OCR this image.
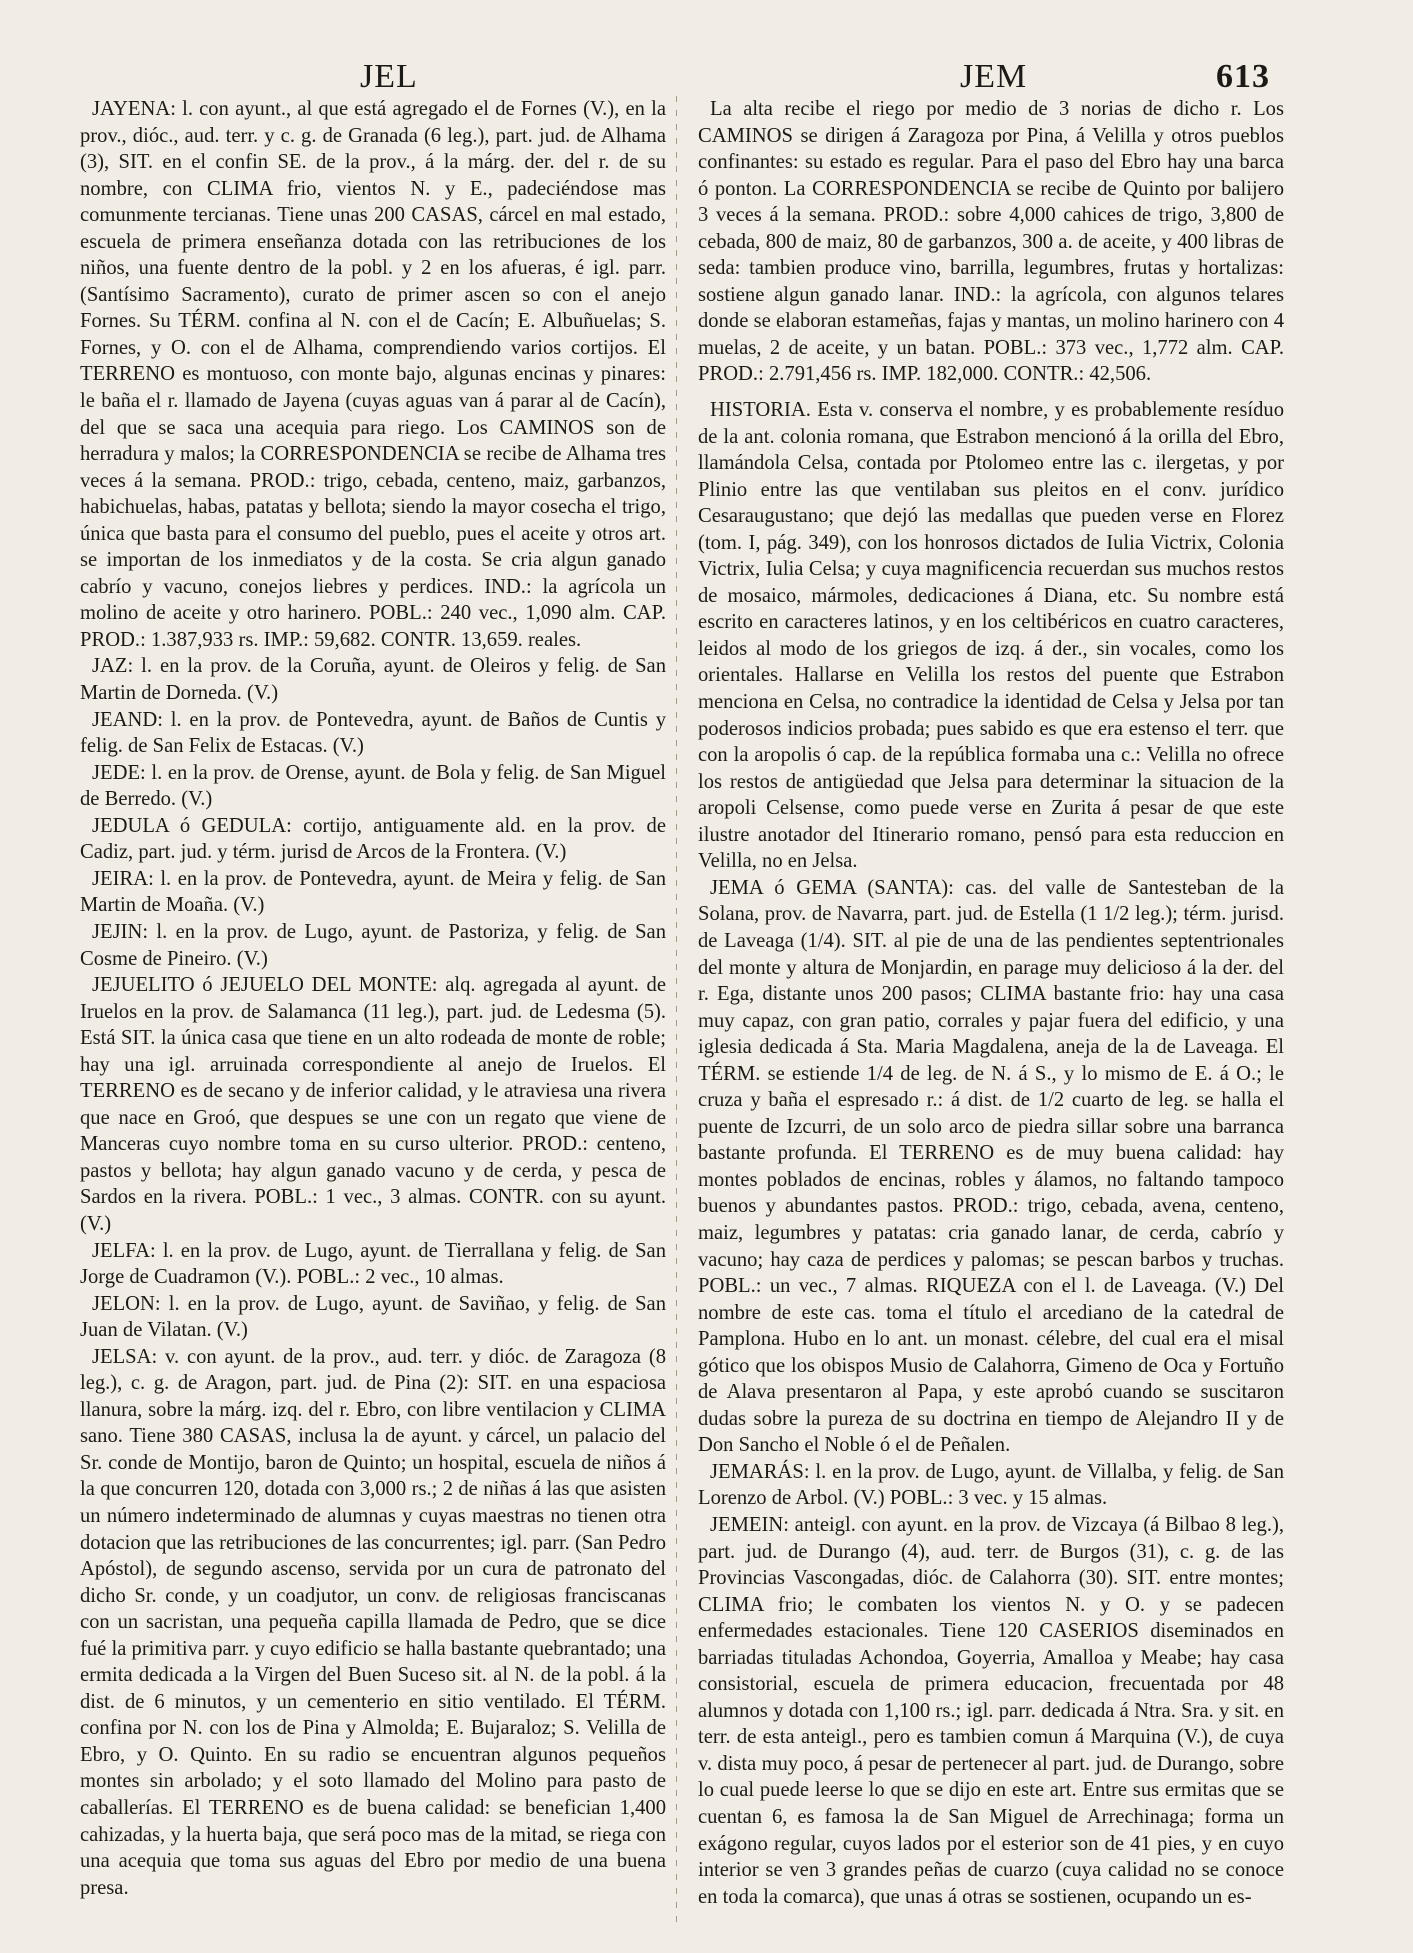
JEL	JEM	613

JAYENA: l. con ayunt., al que está agregado el de Fornes (V.), en la prov., dióc., aud. terr. y c. g. de Granada (6 leg.), part. jud. de Alhama (3), SIT. en el confin SE. de la prov., á la márg. der. del r. de su nombre, con CLIMA frio, vientos N. y E., padeciéndose mas comunmente tercianas. Tiene unas 200 CASAS, cárcel en mal estado, escuela de primera enseñanza dotada con las retribuciones de los niños, una fuente dentro de la pobl. y 2 en los afueras, é igl. parr. (Santísimo Sacramento), curato de primer ascen so con el anejo Fornes. Su TÉRM. confina al N. con el de Cacín; E. Albuñuelas; S. Fornes, y O. con el de Alhama, comprendiendo varios cortijos. El TERRENO es montuoso, con monte bajo, algunas encinas y pinares: le baña el r. llamado de Jayena (cuyas aguas van á parar al de Cacín), del que se saca una acequia para riego. Los CAMINOS son de herradura y malos; la CORRESPONDENCIA se recibe de Alhama tres veces á la semana. PROD.: trigo, cebada, centeno, maiz, garbanzos, habichuelas, habas, patatas y bellota; siendo la mayor cosecha el trigo, única que basta para el consumo del pueblo, pues el aceite y otros art. se importan de los inmediatos y de la costa. Se cria algun ganado cabrío y vacuno, conejos liebres y perdices. IND.: la agrícola un molino de aceite y otro harinero. POBL.: 240 vec., 1,090 alm. CAP. PROD.: 1.387,933 rs. IMP.: 59,682. CONTR. 13,659. reales.

JAZ: l. en la prov. de la Coruña, ayunt. de Oleiros y felig. de San Martin de Dorneda. (V.)

JEAND: l. en la prov. de Pontevedra, ayunt. de Baños de Cuntis y felig. de San Felix de Estacas. (V.)

JEDE: l. en la prov. de Orense, ayunt. de Bola y felig. de San Miguel de Berredo. (V.)

JEDULA ó GEDULA: cortijo, antiguamente ald. en la prov. de Cadiz, part. jud. y térm. jurisd de Arcos de la Frontera. (V.)

JEIRA: l. en la prov. de Pontevedra, ayunt. de Meira y felig. de San Martin de Moaña. (V.)

JEJIN: l. en la prov. de Lugo, ayunt. de Pastoriza, y felig. de San Cosme de Pineiro. (V.)

JEJUELITO ó JEJUELO DEL MONTE: alq. agregada al ayunt. de Iruelos en la prov. de Salamanca (11 leg.), part. jud. de Ledesma (5). Está SIT. la única casa que tiene en un alto rodeada de monte de roble; hay una igl. arruinada correspondiente al anejo de Iruelos. El TERRENO es de secano y de inferior calidad, y le atraviesa una rivera que nace en Groó, que despues se une con un regato que viene de Manceras cuyo nombre toma en su curso ulterior. PROD.: centeno, pastos y bellota; hay algun ganado vacuno y de cerda, y pesca de Sardos en la rivera. POBL.: 1 vec., 3 almas. CONTR. con su ayunt. (V.)

JELFA: l. en la prov. de Lugo, ayunt. de Tierrallana y felig. de San Jorge de Cuadramon (V.). POBL.: 2 vec., 10 almas.

JELON: l. en la prov. de Lugo, ayunt. de Saviñao, y felig. de San Juan de Vilatan. (V.)

JELSA: v. con ayunt. de la prov., aud. terr. y dióc. de Zaragoza (8 leg.), c. g. de Aragon, part. jud. de Pina (2): SIT. en una espaciosa llanura, sobre la márg. izq. del r. Ebro, con libre ventilacion y CLIMA sano. Tiene 380 CASAS, inclusa la de ayunt. y cárcel, un palacio del Sr. conde de Montijo, baron de Quinto; un hospital, escuela de niños á la que concurren 120, dotada con 3,000 rs.; 2 de niñas á las que asisten un número indeterminado de alumnas y cuyas maestras no tienen otra dotacion que las retribuciones de las concurrentes; igl. parr. (San Pedro Apóstol), de segundo ascenso, servida por un cura de patronato del dicho Sr. conde, y un coadjutor, un conv. de religiosas franciscanas con un sacristan, una pequeña capilla llamada de Pedro, que se dice fué la primitiva parr. y cuyo edificio se halla bastante quebrantado; una ermita dedicada a la Virgen del Buen Suceso sit. al N. de la pobl. á la dist. de 6 minutos, y un cementerio en sitio ventilado. El TÉRM. confina por N. con los de Pina y Almolda; E. Bujaraloz; S. Velilla de Ebro, y O. Quinto. En su radio se encuentran algunos pequeños montes sin arbolado; y el soto llamado del Molino para pasto de caballerías. El TERRENO es de buena calidad: se benefician 1,400 cahizadas, y la huerta baja, que será poco mas de la mitad, se riega con una acequia que toma sus aguas del Ebro por medio de una buena presa.

La alta recibe el riego por medio de 3 norias de dicho r. Los CAMINOS se dirigen á Zaragoza por Pina, á Velilla y otros pueblos confinantes: su estado es regular. Para el paso del Ebro hay una barca ó ponton. La CORRESPONDENCIA se recibe de Quinto por balijero 3 veces á la semana. PROD.: sobre 4,000 cahices de trigo, 3,800 de cebada, 800 de maiz, 80 de garbanzos, 300 a. de aceite, y 400 libras de seda: tambien produce vino, barrilla, legumbres, frutas y hortalizas: sostiene algun ganado lanar. IND.: la agrícola, con algunos telares donde se elaboran estameñas, fajas y mantas, un molino harinero con 4 muelas, 2 de aceite, y un batan. POBL.: 373 vec., 1,772 alm. CAP. PROD.: 2.791,456 rs. IMP. 182,000. CONTR.: 42,506.

HISTORIA. Esta v. conserva el nombre, y es probablemente resíduo de la ant. colonia romana, que Estrabon mencionó á la orilla del Ebro, llamándola Celsa, contada por Ptolomeo entre las c. ilergetas, y por Plinio entre las que ventilaban sus pleitos en el conv. jurídico Cesaraugustano; que dejó las medallas que pueden verse en Florez (tom. I, pág. 349), con los honrosos dictados de Iulia Victrix, Colonia Victrix, Iulia Celsa; y cuya magnificencia recuerdan sus muchos restos de mosaico, mármoles, dedicaciones á Diana, etc. Su nombre está escrito en caracteres latinos, y en los celtibéricos en cuatro caracteres, leidos al modo de los griegos de izq. á der., sin vocales, como los orientales. Hallarse en Velilla los restos del puente que Estrabon menciona en Celsa, no contradice la identidad de Celsa y Jelsa por tan poderosos indicios probada; pues sabido es que era estenso el terr. que con la aropolis ó cap. de la república formaba una c.: Velilla no ofrece los restos de antigüedad que Jelsa para determinar la situacion de la aropoli Celsense, como puede verse en Zurita á pesar de que este ilustre anotador del Itinerario romano, pensó para esta reduccion en Velilla, no en Jelsa.

JEMA ó GEMA (SANTA): cas. del valle de Santesteban de la Solana, prov. de Navarra, part. jud. de Estella (1 1/2 leg.); térm. jurisd. de Laveaga (1/4). SIT. al pie de una de las pendientes septentrionales del monte y altura de Monjardin, en parage muy delicioso á la der. del r. Ega, distante unos 200 pasos; CLIMA bastante frio: hay una casa muy capaz, con gran patio, corrales y pajar fuera del edificio, y una iglesia dedicada á Sta. Maria Magdalena, aneja de la de Laveaga. El TÉRM. se estiende 1/4 de leg. de N. á S., y lo mismo de E. á O.; le cruza y baña el espresado r.: á dist. de 1/2 cuarto de leg. se halla el puente de Izcurri, de un solo arco de piedra sillar sobre una barranca bastante profunda. El TERRENO es de muy buena calidad: hay montes poblados de encinas, robles y álamos, no faltando tampoco buenos y abundantes pastos. PROD.: trigo, cebada, avena, centeno, maiz, legumbres y patatas: cria ganado lanar, de cerda, cabrío y vacuno; hay caza de perdices y palomas; se pescan barbos y truchas. POBL.: un vec., 7 almas. RIQUEZA con el l. de Laveaga. (V.) Del nombre de este cas. toma el título el arcediano de la catedral de Pamplona. Hubo en lo ant. un monast. célebre, del cual era el misal gótico que los obispos Musio de Calahorra, Gimeno de Oca y Fortuño de Alava presentaron al Papa, y este aprobó cuando se suscitaron dudas sobre la pureza de su doctrina en tiempo de Alejandro II y de Don Sancho el Noble ó el de Peñalen.

JEMARÁS: l. en la prov. de Lugo, ayunt. de Villalba, y felig. de San Lorenzo de Arbol. (V.) POBL.: 3 vec. y 15 almas.

JEMEIN: anteigl. con ayunt. en la prov. de Vizcaya (á Bilbao 8 leg.), part. jud. de Durango (4), aud. terr. de Burgos (31), c. g. de las Provincias Vascongadas, dióc. de Calahorra (30). SIT. entre montes; CLIMA frio; le combaten los vientos N. y O. y se padecen enfermedades estacionales. Tiene 120 CASERIOS diseminados en barriadas tituladas Achondoa, Goyerria, Amalloa y Meabe; hay casa consistorial, escuela de primera educacion, frecuentada por 48 alumnos y dotada con 1,100 rs.; igl. parr. dedicada á Ntra. Sra. y sit. en terr. de esta anteigl., pero es tambien comun á Marquina (V.), de cuya v. dista muy poco, á pesar de pertenecer al part. jud. de Durango, sobre lo cual puede leerse lo que se dijo en este art. Entre sus ermitas que se cuentan 6, es famosa la de San Miguel de Arrechinaga; forma un exágono regular, cuyos lados por el esterior son de 41 pies, y en cuyo interior se ven 3 grandes peñas de cuarzo (cuya calidad no se conoce en toda la comarca), que unas á otras se sostienen, ocupando un es-
